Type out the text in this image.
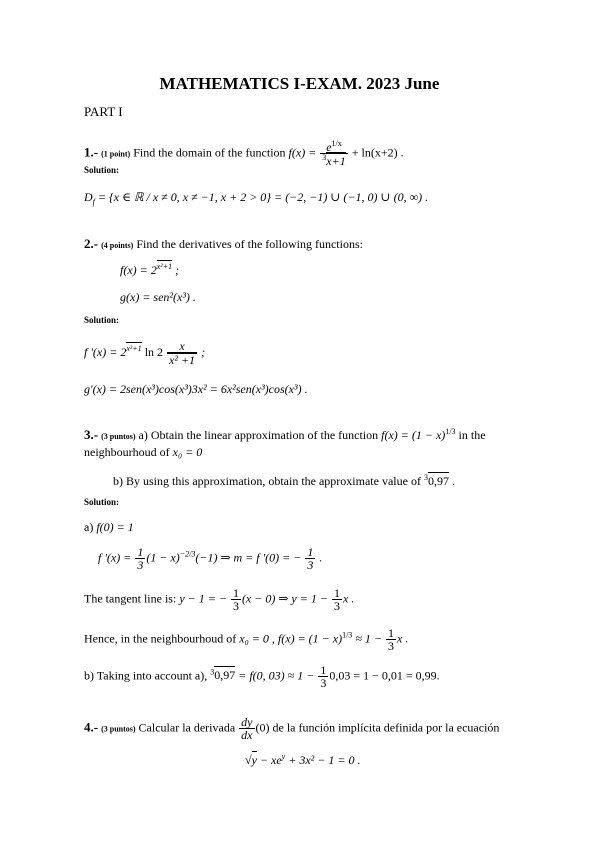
MATHEMATICS I-EXAM. 2023 June
PART I
1.- (1 point) Find the domain of the function $f(x) = \frac{e^{1/x}}{^3x+1} + \ln(x+2)$ .
Solution:
$D_f = \{x$ ∈ ℝ / x ≠ 0, x ≠ −1, x + 2 > 0} = (−2, −1) ∪ (−1, 0) ∪ (0, ∞) .
2.- (4 points) Find the derivatives of the following functions:
$f(x) = 2^{x^2+1}$ ;
g(x) = sen²(x³) .
Solution:
f '$(x) = 2^{x^2+1}$ $\ln 2 \frac{x}{\text{x² +1}}$ ;
g'(x) = 2sen(x³)cos(x³)3x² = 6x²sen(x³)cos(x³) .
3.- (3 puntos) a) Obtain the linear approximation of the function $f(x) = (1 - x)^{1/3}$ in the
neighbourhoud of x₀ = 0
b) By using this approximation, obtain the approximate value of $^3$0,97 .
Solution:
a) f(0) = 1
f '$(x) = \frac{1}{3} (1 - x)^{-2/3}(-1)$ ⇒ m = f '(0) = − $\frac{1}{3}$ .
The tangent line is: y − 1 = − $\frac{1}{3} (x - 0)$ ⇒ $y = 1 - \frac{1}{3}$ x .
Hence, in the neighbourhoud of x₀ = 0 , $f(x) = (1 - x)^{1/3} \approx 1 - \frac{1}{3}$ x .
b) Taking into account a), $^3$0,97 = f(0, $03) \approx 1 - \frac{1}{3} 0,03 = 1 - 0,01 = 0,99$.
4.- (3 puntos) Calcular la derivada $\frac{dy}{dx} (0)$ de la función implícita definida por la ecuación
$√y - xe^y + 3x^2 - 1 = 0$ .
